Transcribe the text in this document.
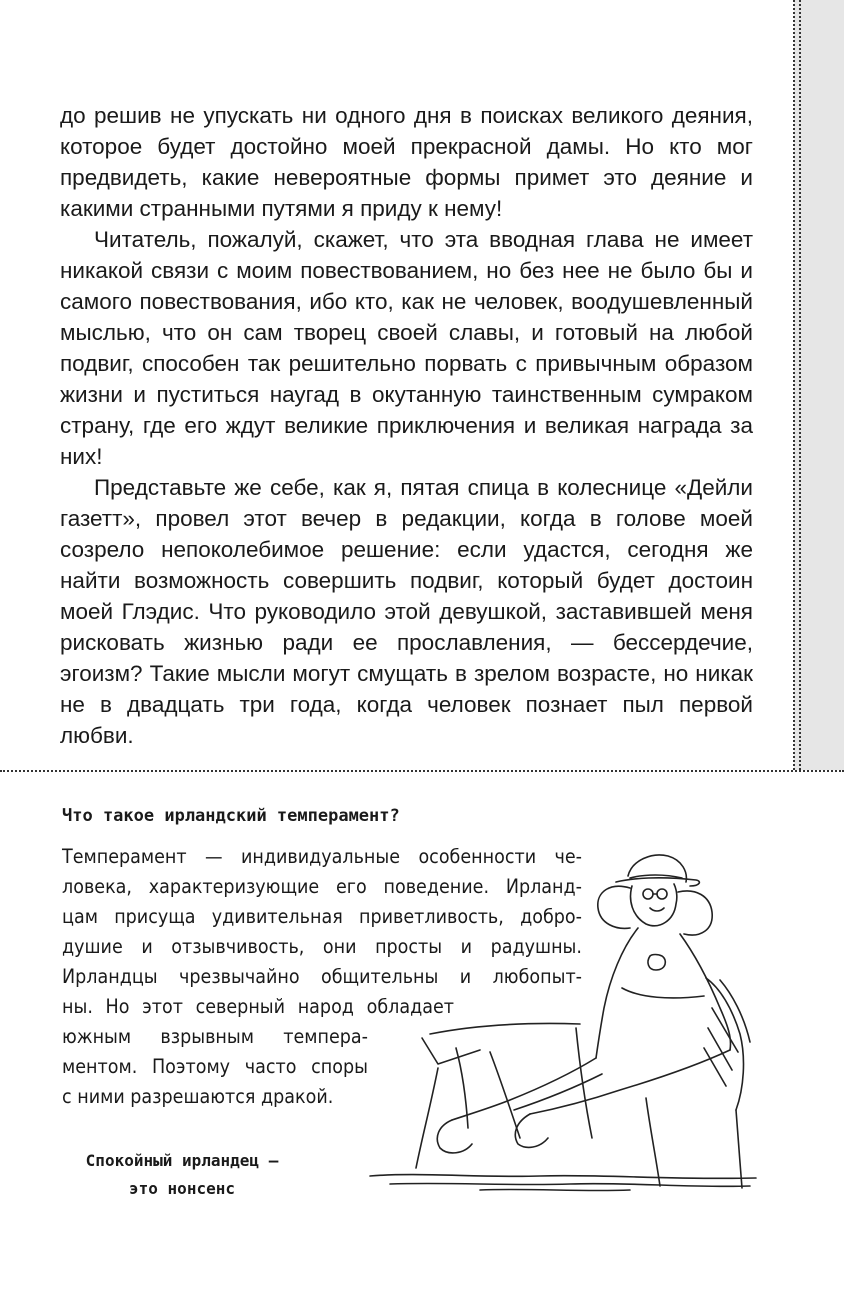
до решив не упускать ни одного дня в поисках великого деяния, которое будет достойно моей прекрасной дамы. Но кто мог предвидеть, какие невероятные формы примет это деяние и какими странными путями я приду к нему!

Читатель, пожалуй, скажет, что эта вводная глава не имеет никакой связи с моим повествованием, но без нее не было бы и самого повествования, ибо кто, как не человек, воодушевленный мыслью, что он сам творец своей славы, и готовый на любой подвиг, способен так решительно порвать с привычным образом жизни и пуститься наугад в окутанную таинственным сумраком страну, где его ждут великие приключения и великая награда за них!

Представьте же себе, как я, пятая спица в колеснице «Дейли газетт», провел этот вечер в редакции, когда в голове моей созрело непоколебимое решение: если удастся, сегодня же найти возможность совершить подвиг, который будет достоин моей Глэдис. Что руководило этой девушкой, заставившей меня рисковать жизнью ради ее прославления, — бессердечие, эгоизм? Такие мысли могут смущать в зрелом возрасте, но никак не в двадцать три года, когда человек познает пыл первой любви.

Что такое ирландский темперамент?
Темперамент — индивидуальные особенности че-
ловека, характеризующие его поведение. Ирланд-
цам присуща удивительная приветливость, добро-
душие и отзывчивость, они просты и радушны.
Ирландцы чрезвычайно общительны и любопыт-
ны. Но этот северный народ обладает
южным взрывным темпера-
ментом. Поэтому часто споры
с ними разрешаются дракой.
Спокойный ирландец —
это нонсенс
